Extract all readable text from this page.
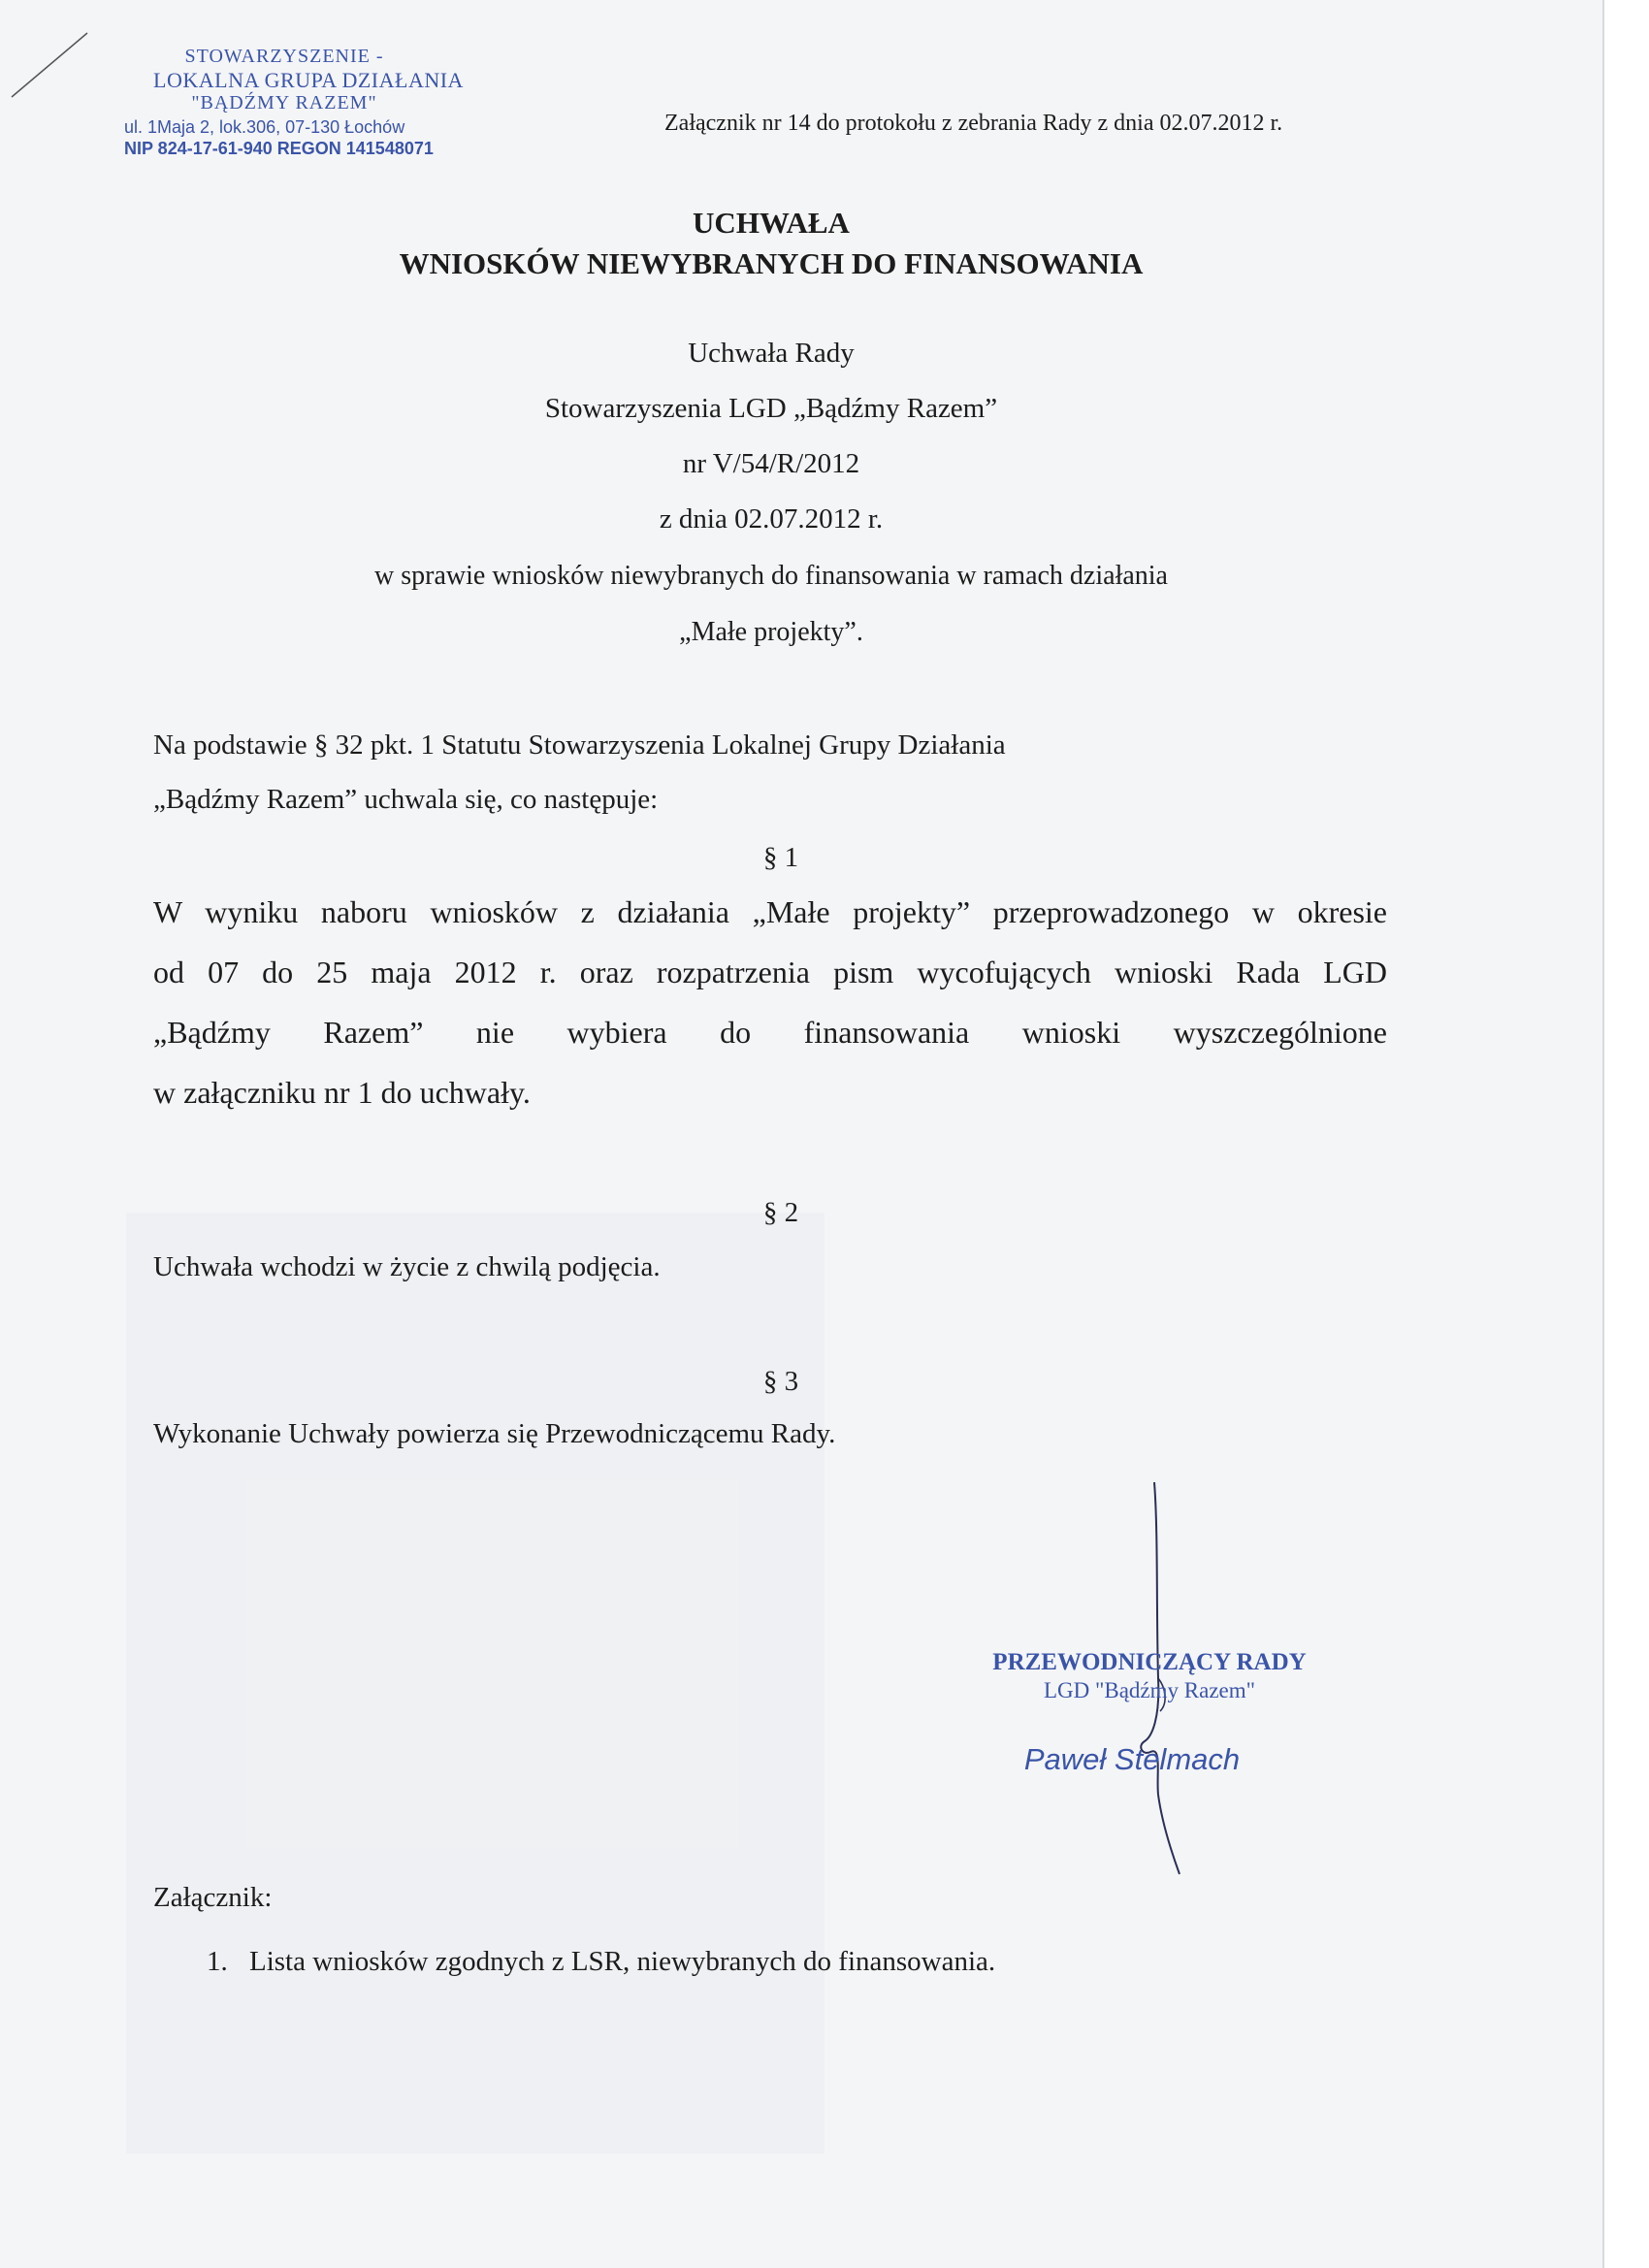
STOWARZYSZENIE -
LOKALNA GRUPA DZIAŁANIA
"BĄDŹMY RAZEM"
ul. 1Maja 2, lok.306, 07-130 Łochów
NIP 824-17-61-940 REGON 141548071
Załącznik nr 14 do protokołu z zebrania Rady z dnia 02.07.2012 r.
UCHWAŁA
WNIOSKÓW NIEWYBRANYCH DO FINANSOWANIA
Uchwała Rady
Stowarzyszenia LGD „Bądźmy Razem”
nr V/54/R/2012
z dnia 02.07.2012 r.
w sprawie wniosków niewybranych do finansowania w ramach działania
„Małe projekty”.
Na podstawie § 32 pkt. 1 Statutu Stowarzyszenia Lokalnej Grupy Działania
„Bądźmy Razem” uchwala się, co następuje:
§ 1
W wyniku naboru wniosków z działania „Małe projekty” przeprowadzonego w okresie
od 07 do 25 maja 2012 r. oraz rozpatrzenia pism wycofujących wnioski Rada LGD
„Bądźmy Razem” nie wybiera do finansowania wnioski wyszczególnione
w załączniku nr 1 do uchwały.
§ 2
Uchwała wchodzi w życie z chwilą podjęcia.
§ 3
Wykonanie Uchwały powierza się Przewodniczącemu Rady.
PRZEWODNICZĄCY RADY
LGD "Bądźmy Razem"
Paweł Stelmach
Załącznik:
1. Lista wniosków zgodnych z LSR, niewybranych do finansowania.
